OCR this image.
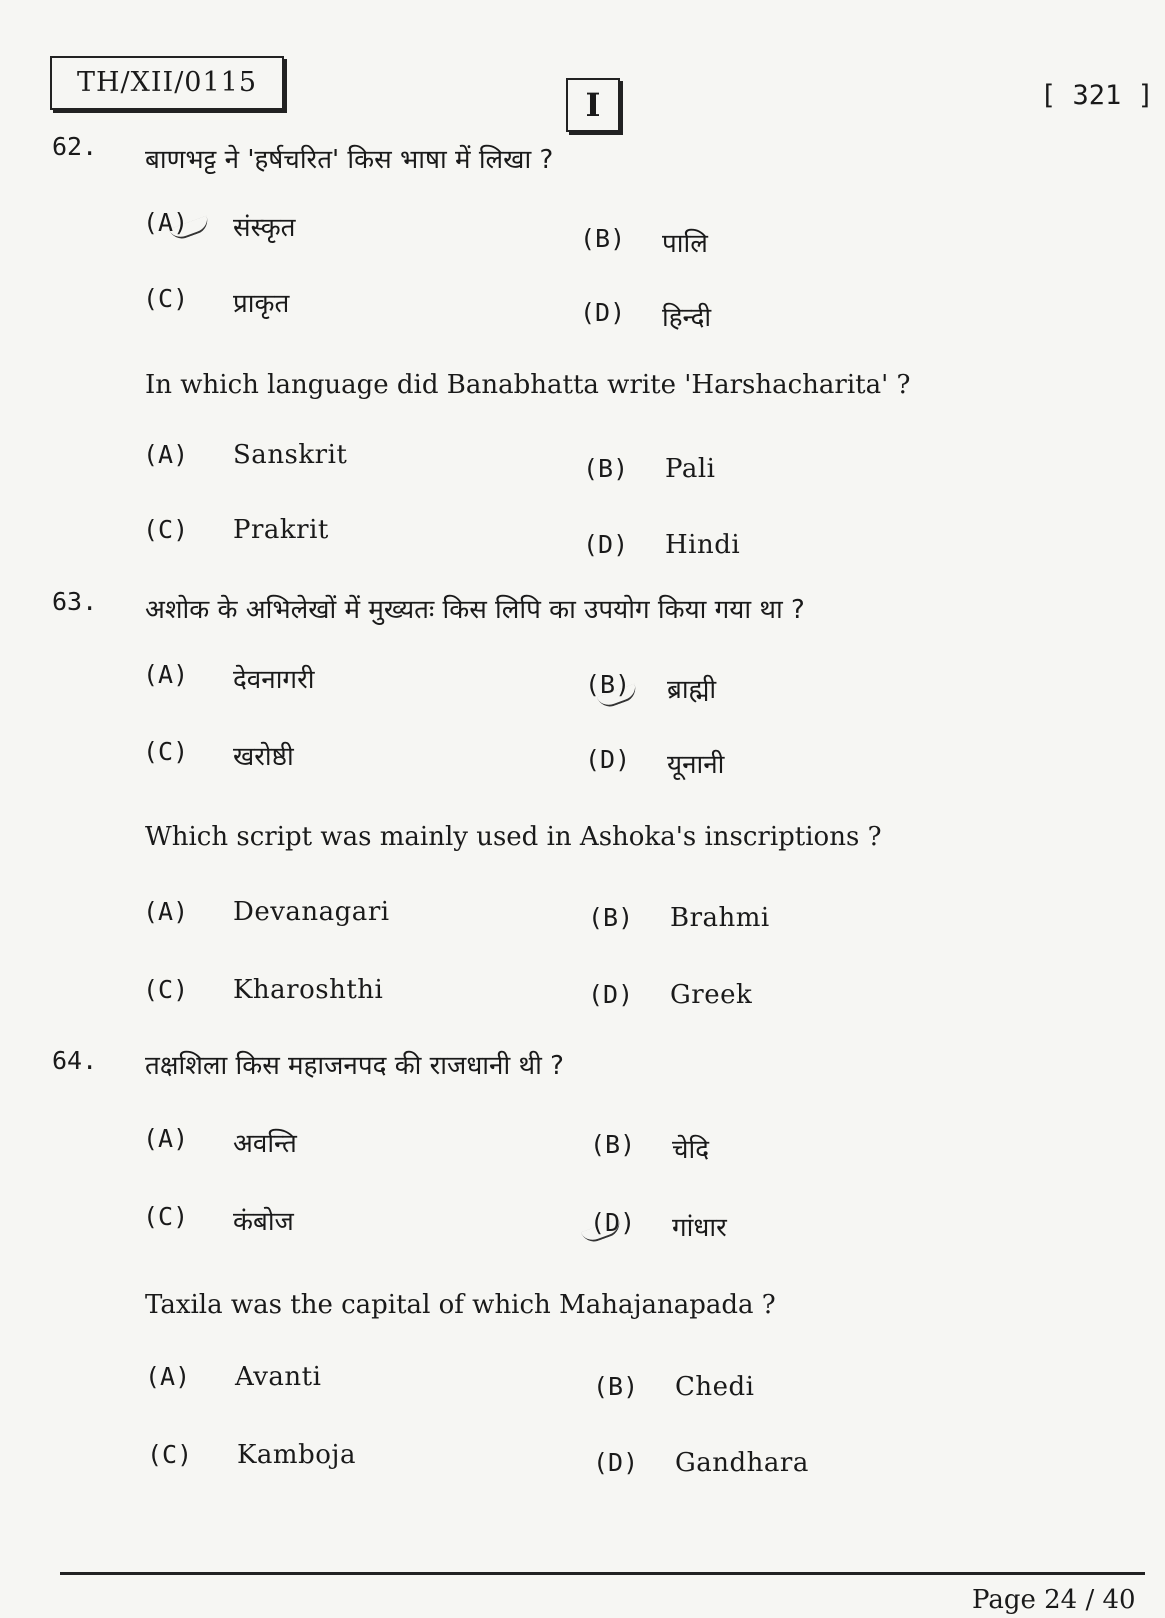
TH/XII/0115
I	[ 321 ]
62. बाणभट्ट ने 'हर्षचरित' किस भाषा में लिखा ?
(A) संस्कृत	(B) पालि
(C) प्राकृत	(D) हिन्दी
In which language did Banabhatta write 'Harshacharita' ?
(A) Sanskrit	(B) Pali
(C) Prakrit	(D) Hindi
63. अशोक के अभिलेखों में मुख्यतः किस लिपि का उपयोग किया गया था ?
(A) देवनागरी	(B) ब्राह्मी
(C) खरोष्ठी	(D) यूनानी
Which script was mainly used in Ashoka's inscriptions ?
(A) Devanagari	(B) Brahmi
(C) Kharoshthi	(D) Greek
64. तक्षशिला किस महाजनपद की राजधानी थी ?
(A) अवन्ति	(B) चेदि
(C) कंबोज	(D) गांधार
Taxila was the capital of which Mahajanapada ?
(A) Avanti	(B) Chedi
(C) Kamboja	(D) Gandhara
Page 24 / 40
